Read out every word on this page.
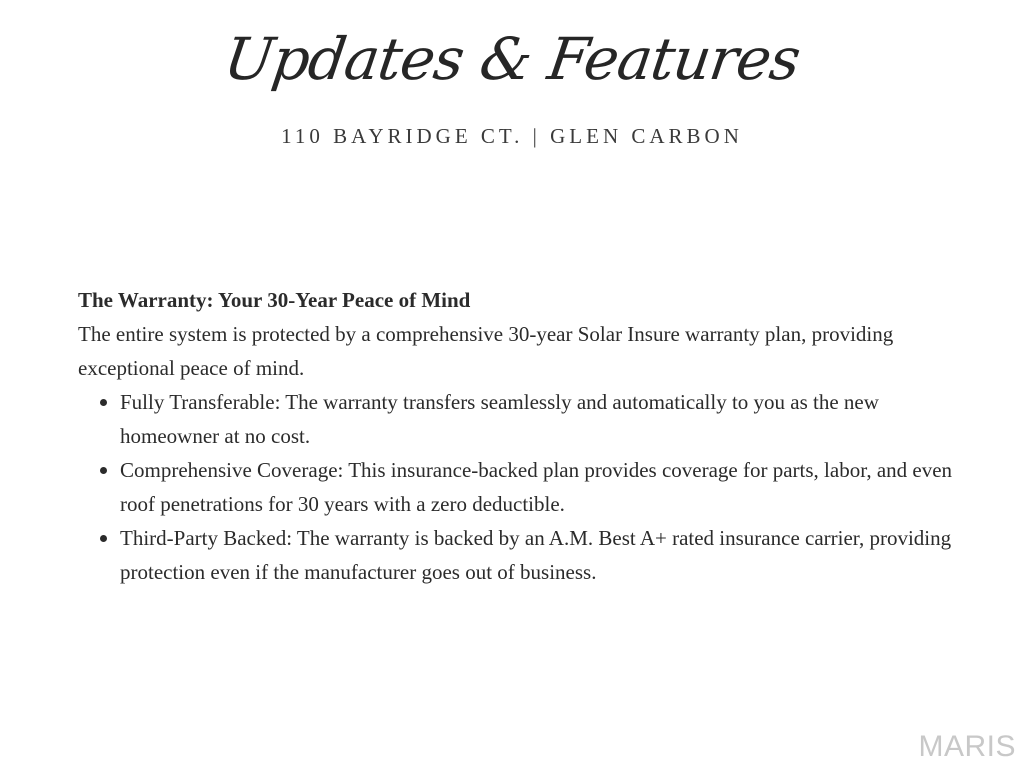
Updates & Features
110 BAYRIDGE CT. | GLEN CARBON
The Warranty: Your 30-Year Peace of Mind

The entire system is protected by a comprehensive 30-year Solar Insure warranty plan, providing exceptional peace of mind.

Fully Transferable: The warranty transfers seamlessly and automatically to you as the new homeowner at no cost.
Comprehensive Coverage: This insurance-backed plan provides coverage for parts, labor, and even roof penetrations for 30 years with a zero deductible.
Third-Party Backed: The warranty is backed by an A.M. Best A+ rated insurance carrier, providing protection even if the manufacturer goes out of business.
MARIS
